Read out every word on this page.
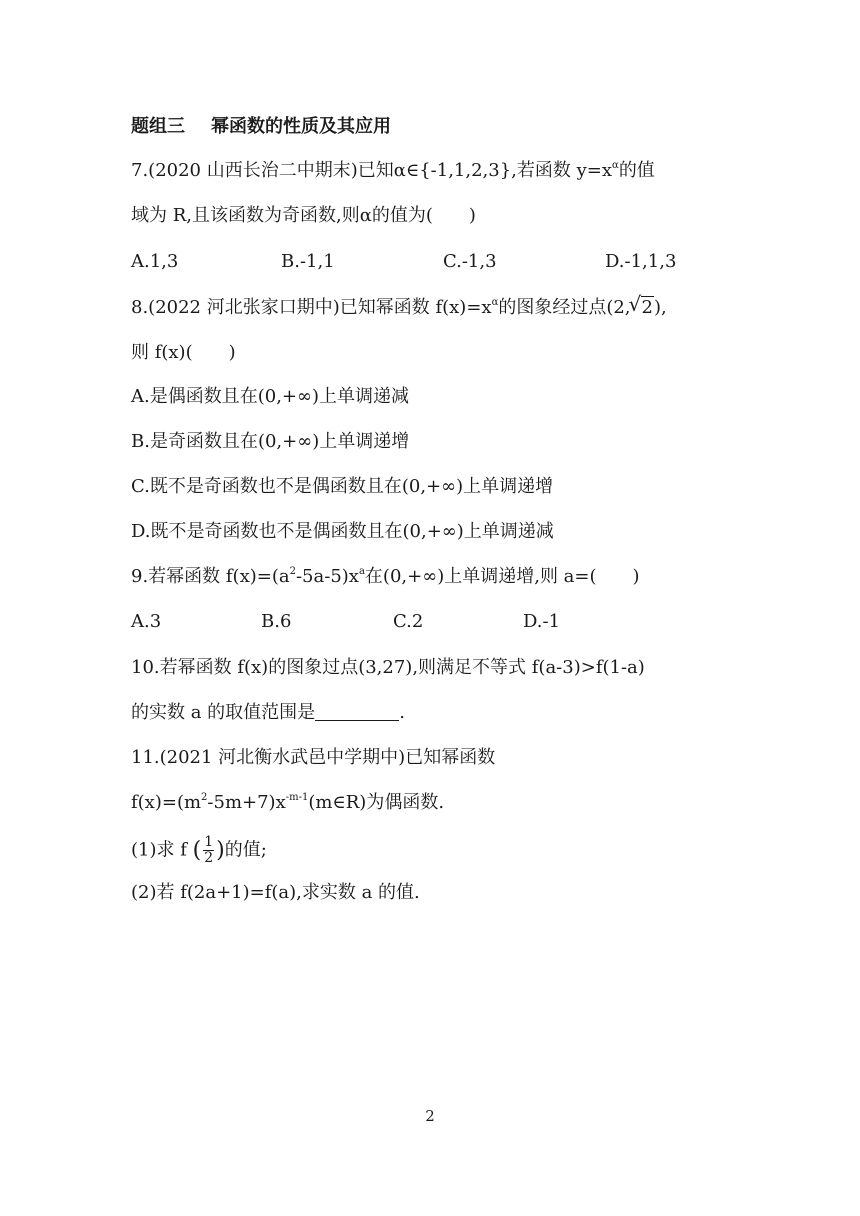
题组三 幂函数的性质及其应用
7.(2020 山西长治二中期末)已知α∈{-1,1,2,3},若函数 $y=x^\alpha$的值
域为 R,且该函数为奇函数,则α的值为(　　)
A.1,3	B.-1,1	C.-1,3	D.-1,1,3
8.(2022 河北张家口期中)已知幂函数 $f(x)=x^\alpha$的图象经过点(2,
√ 2),
则 f(x)(　　)
A.是偶函数且在(0,+∞)上单调递减
B.是奇函数且在(0,+∞)上单调递增
C.既不是奇函数也不是偶函数且在(0,+∞)上单调递增
D.既不是奇函数也不是偶函数且在(0,+∞)上单调递减
9.若幂函数 $f(x)=(a^2-5a-5)x^a$在(0,+∞)上单调递增,则 a=(　　)
A.3	B.6	C.2	D.-1
10.若幂函数 f(x)的图象过点(3,27),则满足不等式 f(a-3)>f(1-a)
的实数 a 的取值范围是	.
11.(2021 河北衡水武邑中学期中)已知幂函数
$f(x)=(m^2-5m+7)x^{-m-1}(m\in R)$为偶函数.
(1)求 f ( $\frac{1}{2}$ ) 的值;
(2)若 f(2a+1)=f(a),求实数 a 的值.
2
